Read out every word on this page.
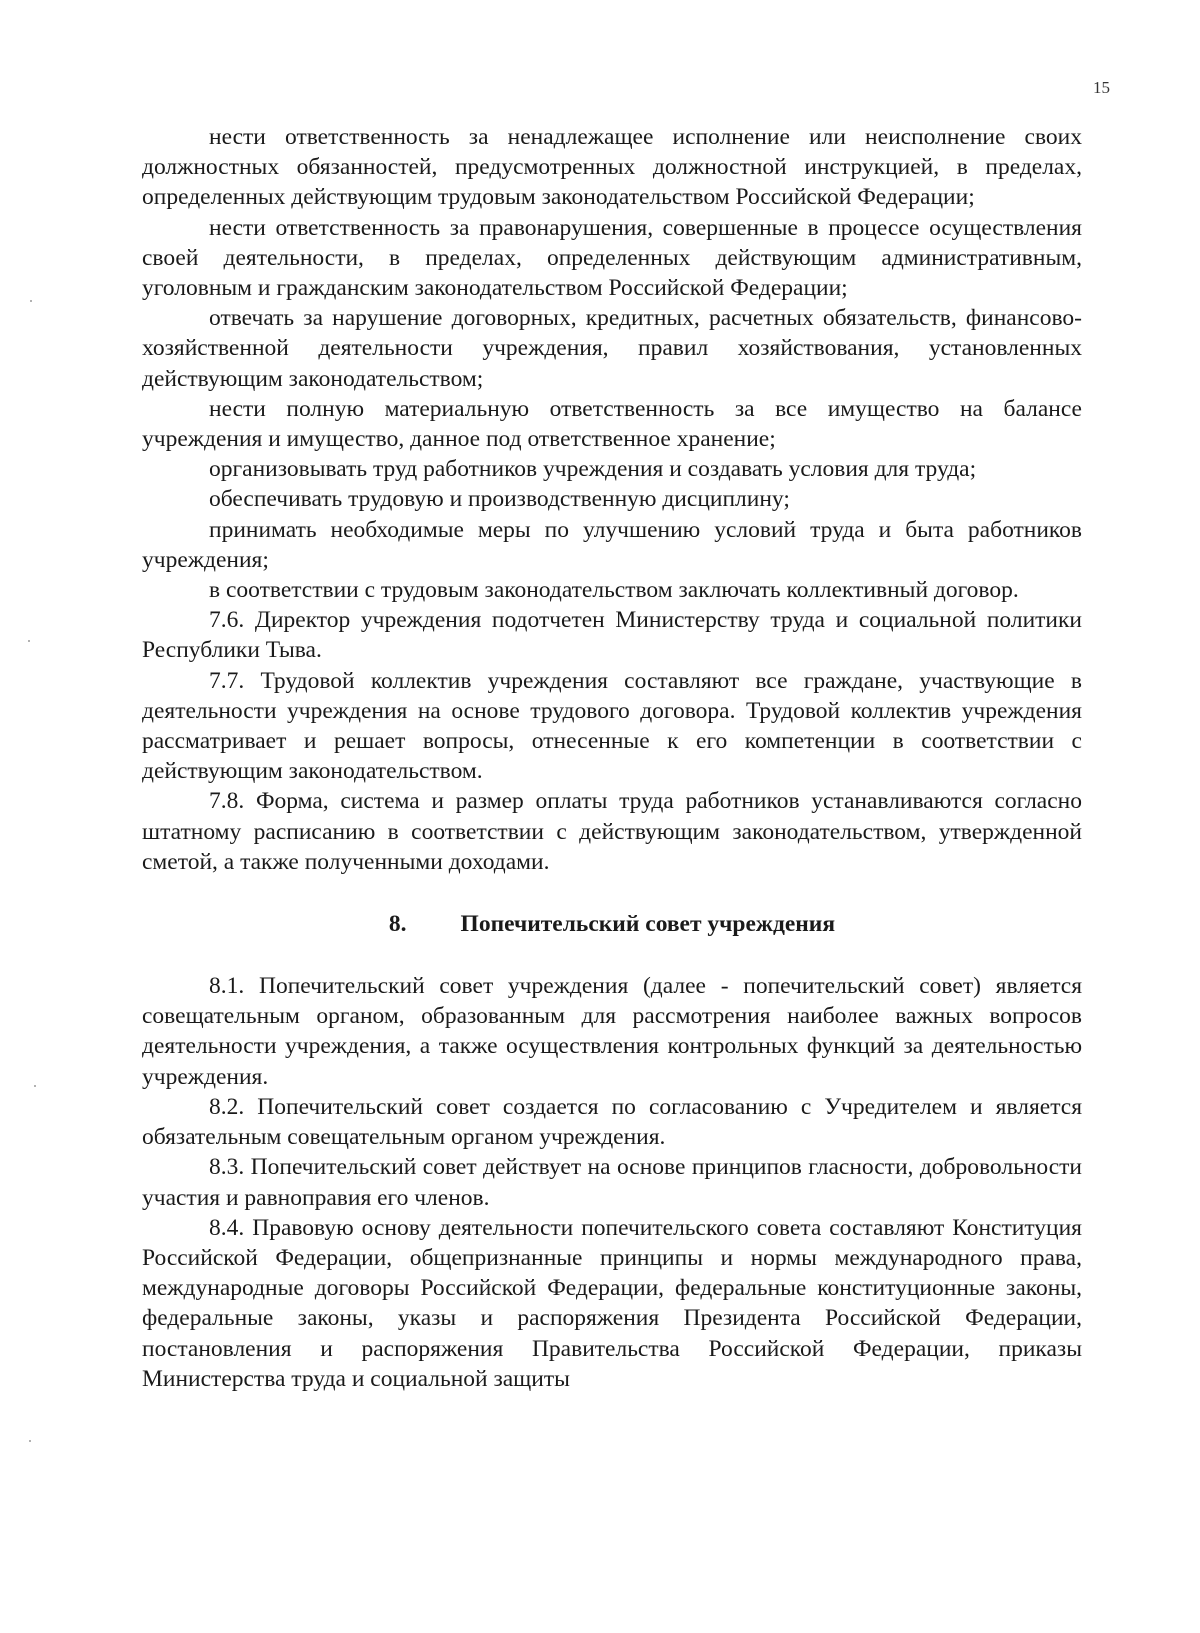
15

нести ответственность за ненадлежащее исполнение или неисполнение своих должностных обязанностей, предусмотренных должностной инструкцией, в пределах, определенных действующим трудовым законодательством Российской Федерации;

нести ответственность за правонарушения, совершенные в процессе осуществления своей деятельности, в пределах, определенных действующим административным, уголовным и гражданским законодательством Российской Федерации;

отвечать за нарушение договорных, кредитных, расчетных обязательств, финансово-хозяйственной деятельности учреждения, правил хозяйствования, установленных действующим законодательством;

нести полную материальную ответственность за все имущество на балансе учреждения и имущество, данное под ответственное хранение;

организовывать труд работников учреждения и создавать условия для труда;

обеспечивать трудовую и производственную дисциплину;

принимать необходимые меры по улучшению условий труда и быта работников учреждения;

в соответствии с трудовым законодательством заключать коллективный договор.

7.6. Директор учреждения подотчетен Министерству труда и социальной политики Республики Тыва.

7.7. Трудовой коллектив учреждения составляют все граждане, участвующие в деятельности учреждения на основе трудового договора. Трудовой коллектив учреждения рассматривает и решает вопросы, отнесенные к его компетенции в соответствии с действующим законодательством.

7.8. Форма, система и размер оплаты труда работников устанавливаются согласно штатному расписанию в соответствии с действующим законодательством, утвержденной сметой, а также полученными доходами.

8. Попечительский совет учреждения

8.1. Попечительский совет учреждения (далее - попечительский совет) является совещательным органом, образованным для рассмотрения наиболее важных вопросов деятельности учреждения, а также осуществления контрольных функций за деятельностью учреждения.

8.2. Попечительский совет создается по согласованию с Учредителем и является обязательным совещательным органом учреждения.

8.3. Попечительский совет действует на основе принципов гласности, добровольности участия и равноправия его членов.

8.4. Правовую основу деятельности попечительского совета составляют Конституция Российской Федерации, общепризнанные принципы и нормы международного права, международные договоры Российской Федерации, федеральные конституционные законы, федеральные законы, указы и распоряжения Президента Российской Федерации, постановления и распоряжения Правительства Российской Федерации, приказы Министерства труда и социальной защиты
